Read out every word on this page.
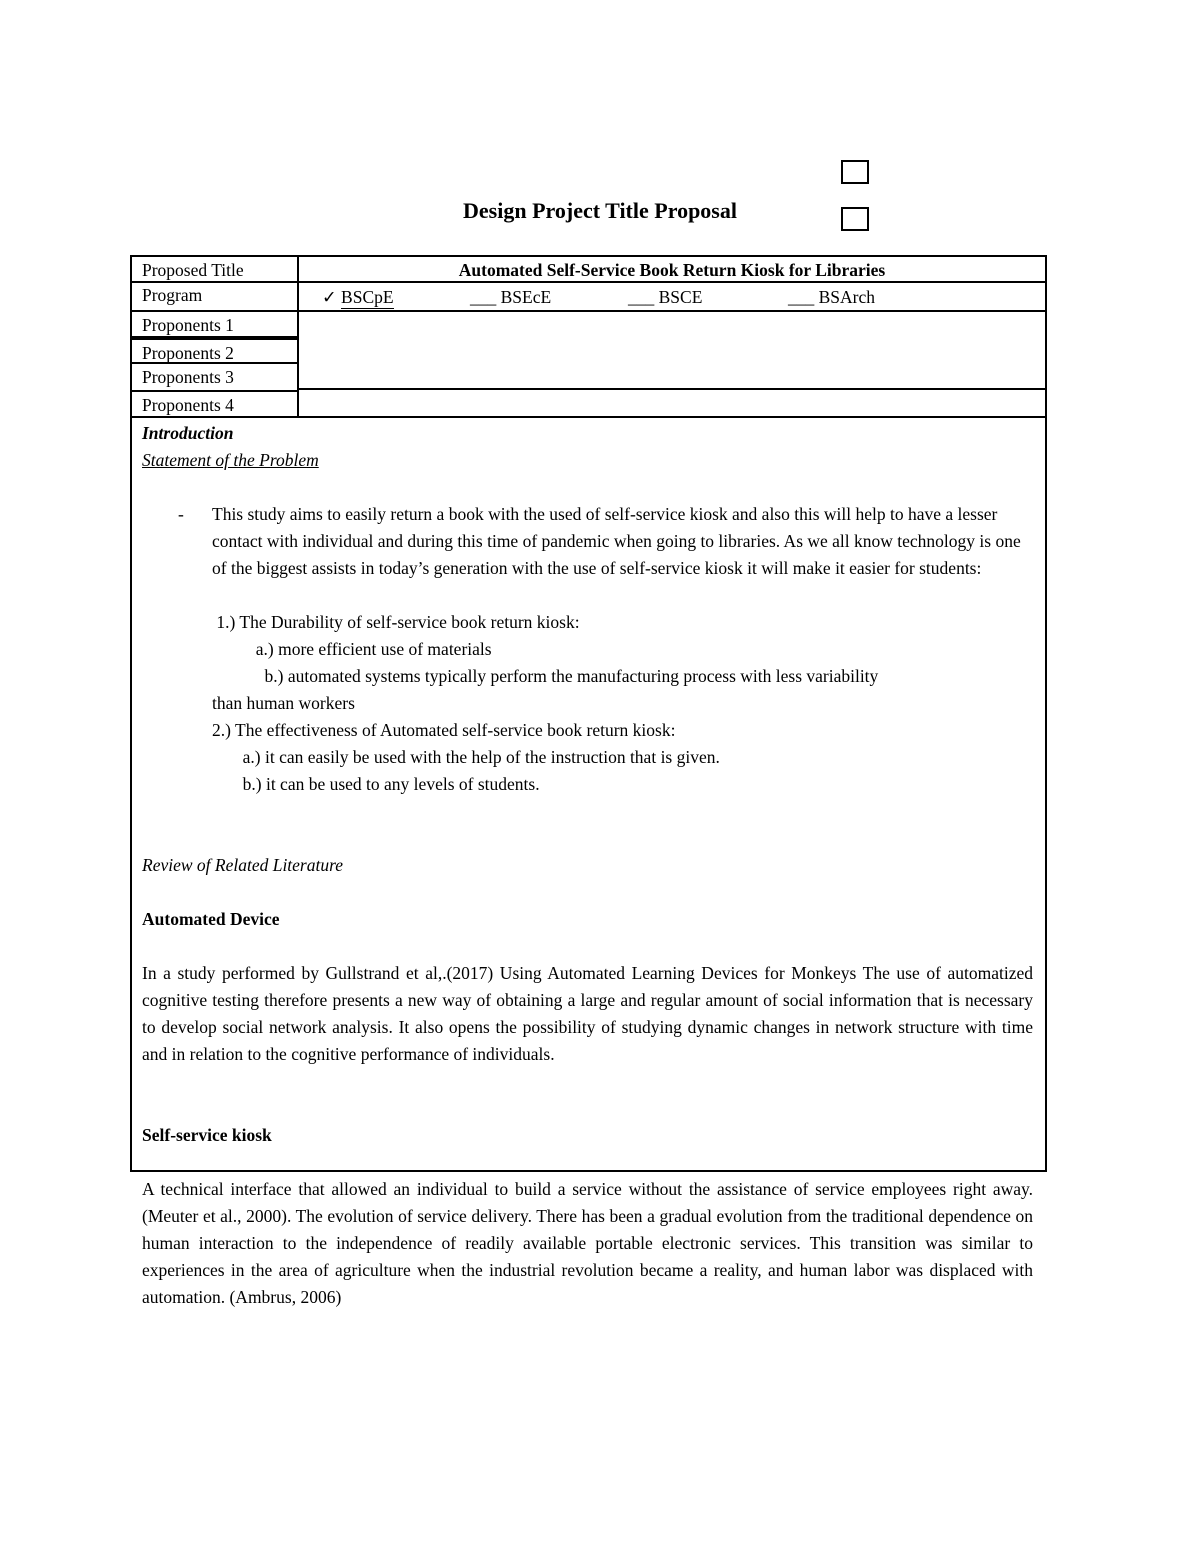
Design Project Title Proposal
Proposed Title	Automated Self-Service Book Return Kiosk for Libraries
Program	✓ BSCpE	___ BSEcE	___ BSCE	___ BSArch
Proponents 1
Proponents 2
Proponents 3
Proponents 4
Introduction
Statement of the Problem
- This study aims to easily return a book with the used of self-service kiosk and also this will help to have a lesser contact with individual and during this time of pandemic when going to libraries. As we all know technology is one of the biggest assists in today’s generation with the use of self-service kiosk it will make it easier for students:
1.) The Durability of self-service book return kiosk:
a.) more efficient use of materials
b.) automated systems typically perform the manufacturing process with less variability
than human workers
2.) The effectiveness of Automated self-service book return kiosk:
a.) it can easily be used with the help of the instruction that is given.
b.) it can be used to any levels of students.
Review of Related Literature
Automated Device
In a study performed by Gullstrand et al,.(2017) Using Automated Learning Devices for Monkeys The use of automatized cognitive testing therefore presents a new way of obtaining a large and regular amount of social information that is necessary to develop social network analysis. It also opens the possibility of studying dynamic changes in network structure with time and in relation to the cognitive performance of individuals.
Self-service kiosk
A technical interface that allowed an individual to build a service without the assistance of service employees right away. (Meuter et al., 2000). The evolution of service delivery. There has been a gradual evolution from the traditional dependence on human interaction to the independence of readily available portable electronic services. This transition was similar to experiences in the area of agriculture when the industrial revolution became a reality, and human labor was displaced with automation. (Ambrus, 2006)
